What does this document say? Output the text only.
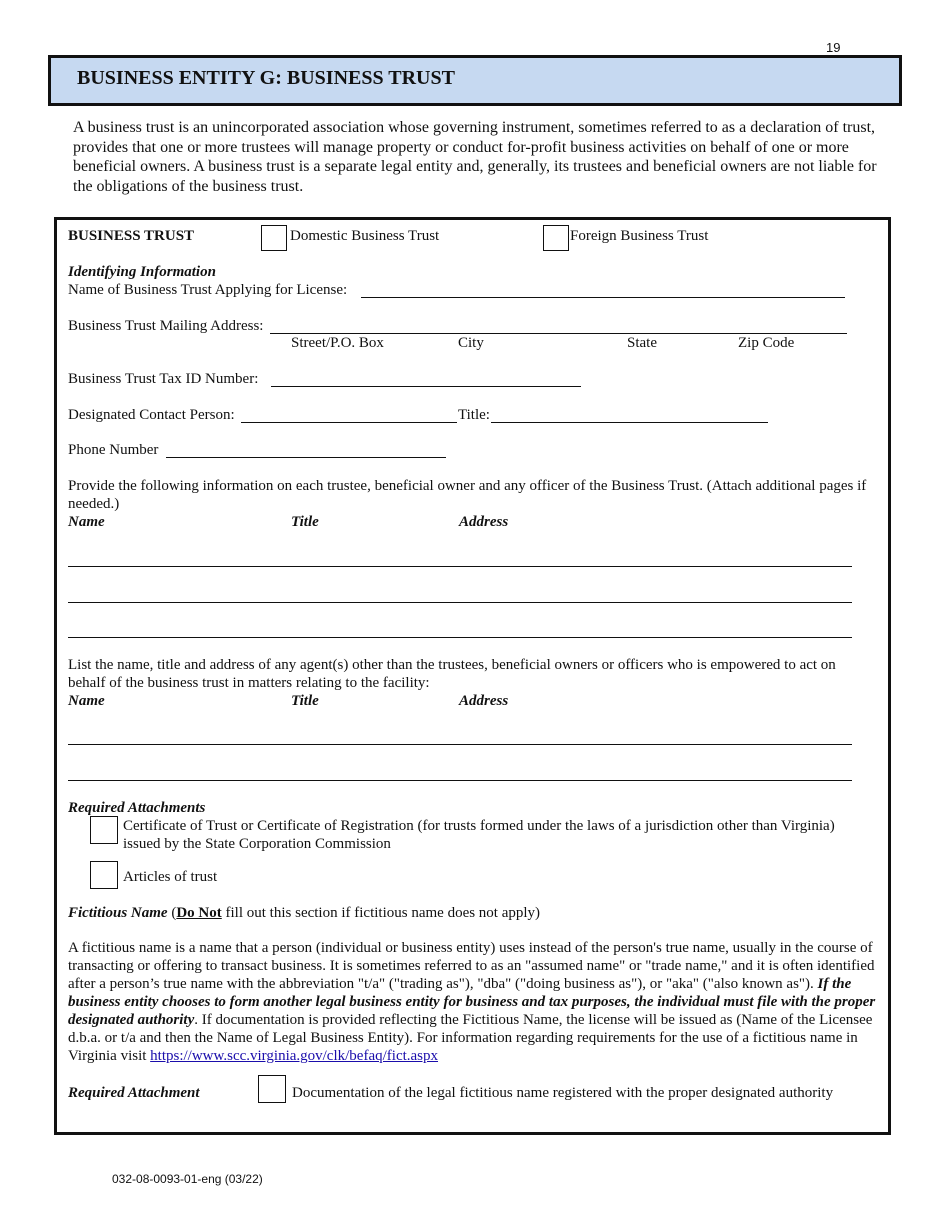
19
BUSINESS ENTITY G: BUSINESS TRUST
A business trust is an unincorporated association whose governing instrument, sometimes referred to as a declaration of trust, provides that one or more trustees will manage property or conduct for-profit business activities on behalf of one or more beneficial owners. A business trust is a separate legal entity and, generally, its trustees and beneficial owners are not liable for the obligations of the business trust.
BUSINESS TRUST	Domestic Business Trust	Foreign Business Trust
Identifying Information
Name of Business Trust Applying for License:
Business Trust Mailing Address:
Street/P.O. Box	City	State	Zip Code
Business Trust Tax ID Number:
Designated Contact Person:	Title:
Phone Number
Provide the following information on each trustee, beneficial owner and any officer of the Business Trust. (Attach additional pages if needed.)
Name	Title	Address
List the name, title and address of any agent(s) other than the trustees, beneficial owners or officers who is empowered to act on behalf of the business trust in matters relating to the facility:
Name	Title	Address
Required Attachments
Certificate of Trust or Certificate of Registration (for trusts formed under the laws of a jurisdiction other than Virginia) issued by the State Corporation Commission
Articles of trust
Fictitious Name (Do Not fill out this section if fictitious name does not apply)
A fictitious name is a name that a person (individual or business entity) uses instead of the person's true name, usually in the course of transacting or offering to transact business. It is sometimes referred to as an "assumed name" or "trade name," and it is often identified after a person’s true name with the abbreviation "t/a" ("trading as"), "dba" ("doing business as"), or "aka" ("also known as"). If the business entity chooses to form another legal business entity for business and tax purposes, the individual must file with the proper designated authority. If documentation is provided reflecting the Fictitious Name, the license will be issued as (Name of the Licensee d.b.a. or t/a and then the Name of Legal Business Entity). For information regarding requirements for the use of a fictitious name in Virginia visit https://www.scc.virginia.gov/clk/befaq/fict.aspx
Required Attachment	Documentation of the legal fictitious name registered with the proper designated authority
032-08-0093-01-eng (03/22)
